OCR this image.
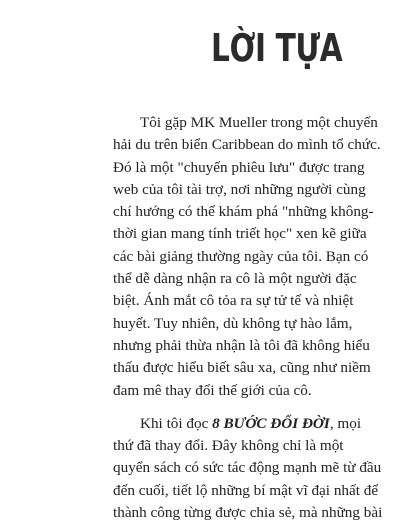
LỜI TỰA

Tôi gặp MK Mueller trong một chuyến hải du trên biển Caribbean do mình tổ chức. Đó là một "chuyến phiêu lưu" được trang web của tôi tài trợ, nơi những người cùng chí hướng có thể khám phá "những không-thời gian mang tính triết học" xen kẽ giữa các bài giảng thường ngày của tôi. Bạn có thể dễ dàng nhận ra cô là một người đặc biệt. Ánh mắt cô tỏa ra sự tử tế và nhiệt huyết. Tuy nhiên, dù không tự hào lắm, nhưng phải thừa nhận là tôi đã không hiểu thấu được hiểu biết sâu xa, cũng như niềm đam mê thay đổi thế giới của cô.

Khi tôi đọc 8 BƯỚC ĐỔI ĐỜI, mọi thứ đã thay đổi. Đây không chỉ là một quyển sách có sức tác động mạnh mẽ từ đầu đến cuối, tiết lộ những bí mật vĩ đại nhất để thành công từng được chia sẻ, mà những bài
